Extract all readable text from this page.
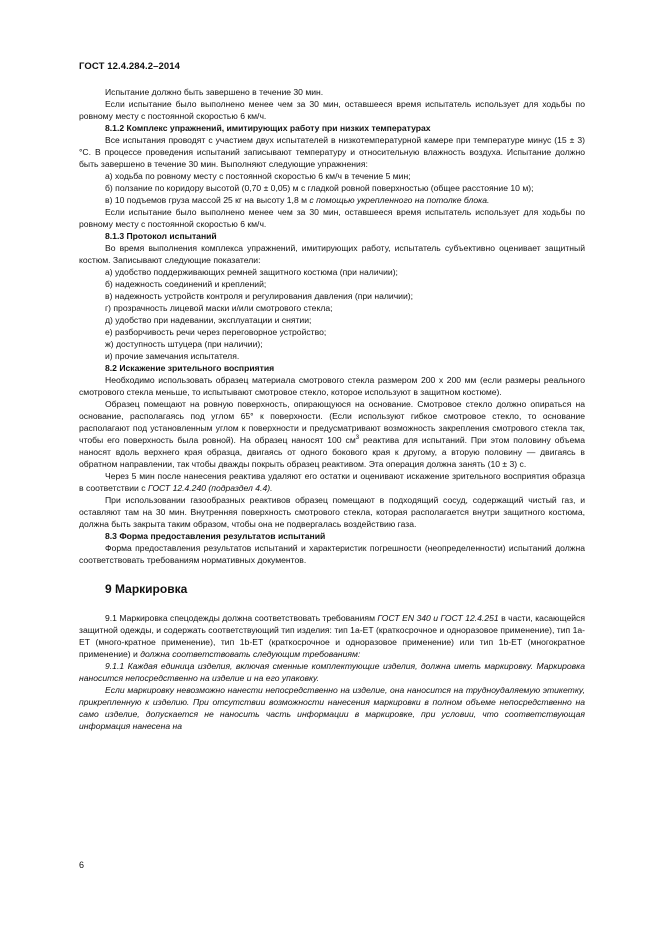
ГОСТ 12.4.284.2–2014

Испытание должно быть завершено в течение 30 мин.

Если испытание было выполнено менее чем за 30 мин, оставшееся время испытатель использует для ходьбы по ровному месту с постоянной скоростью 6 км/ч.

8.1.2 Комплекс упражнений, имитирующих работу при низких температурах

Все испытания проводят с участием двух испытателей в низкотемпературной камере при температуре минус (15 ± 3) °С. В процессе проведения испытаний записывают температуру и относительную влажность воздуха. Испытание должно быть завершено в течение 30 мин. Выполняют следующие упражнения:

а) ходьба по ровному месту с постоянной скоростью 6 км/ч в течение 5 мин;

б) ползание по коридору высотой (0,70 ± 0,05) м с гладкой ровной поверхностью (общее расстояние 10 м);

в) 10 подъемов груза массой 25 кг на высоту 1,8 м с помощью укрепленного на потолке блока.

Если испытание было выполнено менее чем за 30 мин, оставшееся время испытатель использует для ходьбы по ровному месту с постоянной скоростью 6 км/ч.

8.1.3 Протокол испытаний

Во время выполнения комплекса упражнений, имитирующих работу, испытатель субъективно оценивает защитный костюм. Записывают следующие показатели:

а) удобство поддерживающих ремней защитного костюма (при наличии);

б) надежность соединений и креплений;

в) надежность устройств контроля и регулирования давления (при наличии);

г) прозрачность лицевой маски и/или смотрового стекла;

д) удобство при надевании, эксплуатации и снятии;

е) разборчивость речи через переговорное устройство;

ж) доступность штуцера (при наличии);

и) прочие замечания испытателя.

8.2 Искажение зрительного восприятия

Необходимо использовать образец материала смотрового стекла размером 200 x 200 мм (если размеры реального смотрового стекла меньше, то испытывают смотровое стекло, которое используют в защитном костюме).

Образец помещают на ровную поверхность, опирающуюся на основание. Смотровое стекло должно опираться на основание, располагаясь под углом 65° к поверхности. (Если используют гибкое смотровое стекло, то основание располагают под установленным углом к поверхности и предусматривают возможность закрепления смотрового стекла так, чтобы его поверхность была ровной). На образец наносят 100 $см^3$ реактива для испытаний. При этом половину объема наносят вдоль верхнего края образца, двигаясь от одного бокового края к другому, а вторую половину — двигаясь в обратном направлении, так чтобы дважды покрыть образец реактивом. Эта операция должна занять (10 ± 3) с.

Через 5 мин после нанесения реактива удаляют его остатки и оценивают искажение зрительного восприятия образца в соответствии с ГОСТ 12.4.240 (подраздел 4.4).

При использовании газообразных реактивов образец помещают в подходящий сосуд, содержащий чистый газ, и оставляют там на 30 мин. Внутренняя поверхность смотрового стекла, которая располагается внутри защитного костюма, должна быть закрыта таким образом, чтобы она не подвергалась воздействию газа.

8.3 Форма предоставления результатов испытаний

Форма предоставления результатов испытаний и характеристик погрешности (неопределенности) испытаний должна соответствовать требованиям нормативных документов.

9 Маркировка

9.1 Маркировка спецодежды должна соответствовать требованиям ГОСТ EN 340 и ГОСТ 12.4.251 в части, касающейся защитной одежды, и содержать соответствующий тип изделия: тип 1а-ЕТ (краткосрочное и одноразовое применение), тип 1а-ЕТ (много-кратное применение), тип 1b-ЕТ (краткосрочное и одноразовое применение) или тип 1b-ЕТ (многократное применение) и должна соответствовать следующим требованиям:

9.1.1 Каждая единица изделия, включая сменные комплектующие изделия, должна иметь маркировку. Маркировка наносится непосредственно на изделие и на его упаковку.

Если маркировку невозможно нанести непосредственно на изделие, она наносится на трудноудаляемую этикетку, прикрепленную к изделию. При отсутствии возможности нанесения маркировки в полном объеме непосредственно на само изделие, допускается не наносить часть информации в маркировке, при условии, что соответствующая информация нанесена на

6
